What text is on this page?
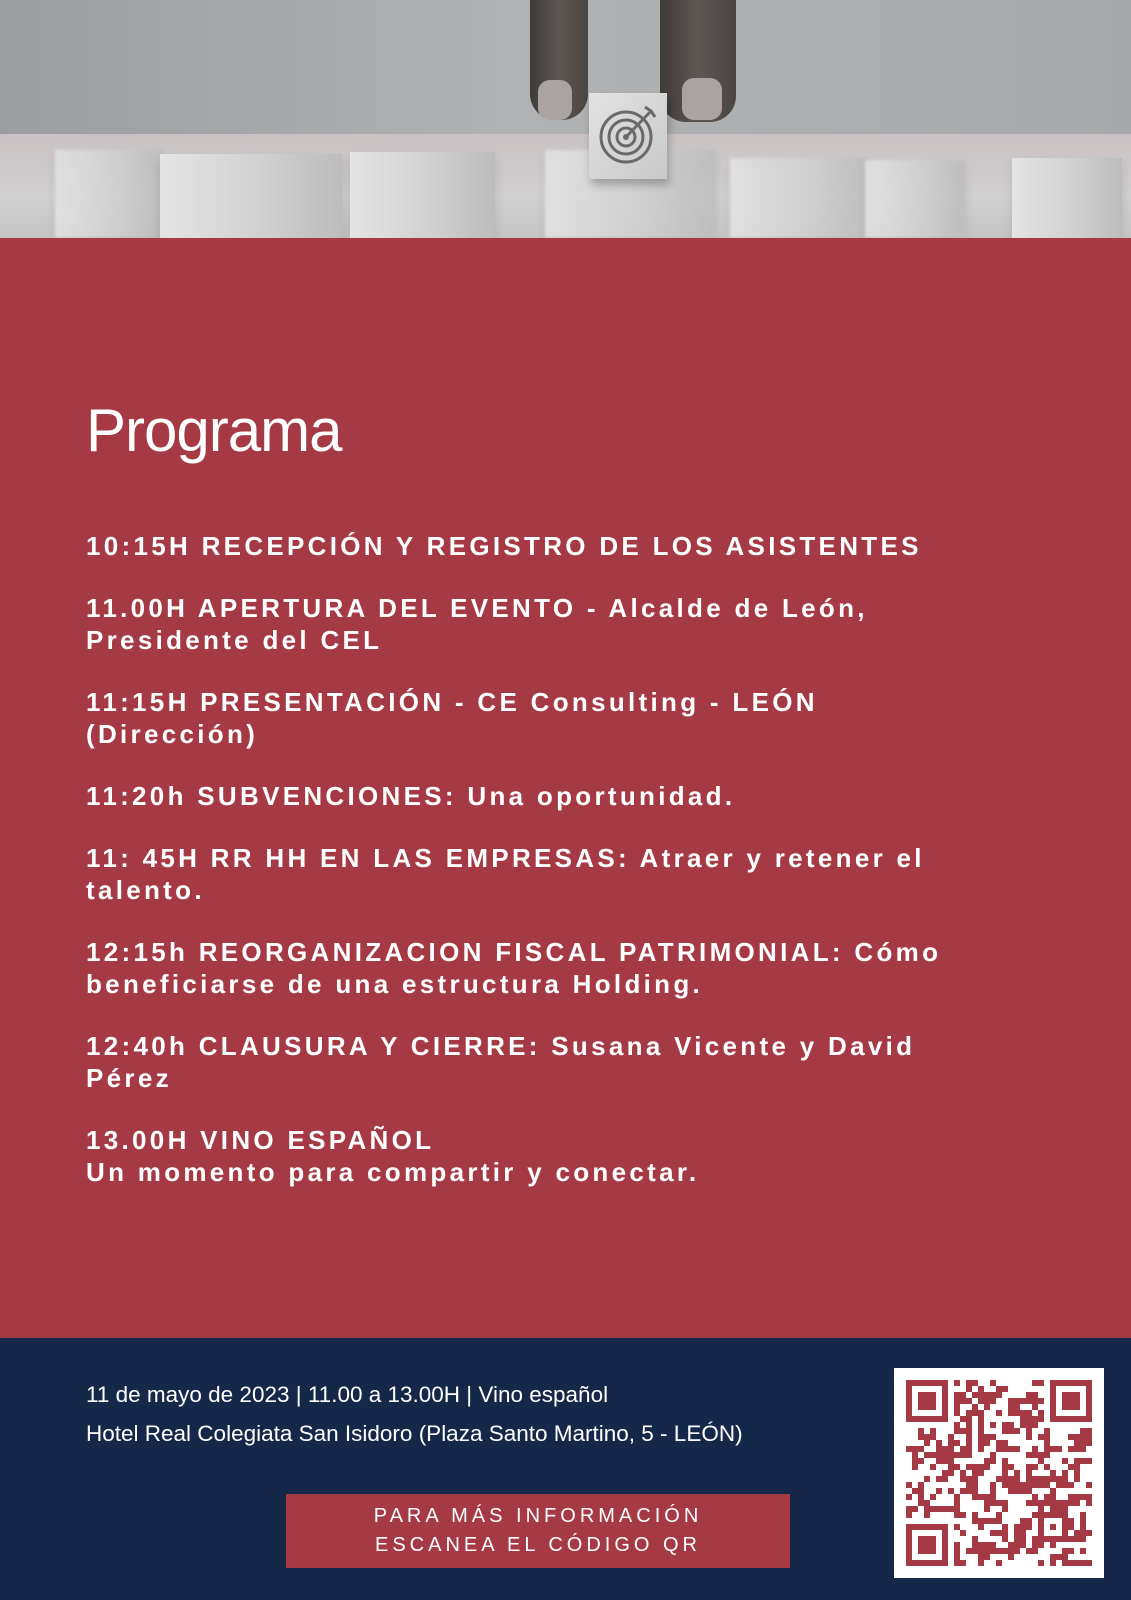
Programa
10:15H RECEPCIÓN Y REGISTRO DE LOS ASISTENTES
11.00H APERTURA DEL EVENTO - Alcalde de León,
Presidente del CEL
11:15H PRESENTACIÓN - CE Consulting - LEÓN
(Dirección)
11:20h SUBVENCIONES: Una oportunidad.
11: 45H RR HH EN LAS EMPRESAS: Atraer y retener el
talento.
12:15h REORGANIZACION FISCAL PATRIMONIAL: Cómo
beneficiarse de una estructura Holding.
12:40h CLAUSURA Y CIERRE: Susana Vicente y David
Pérez
13.00H VINO ESPAÑOL
Un momento para compartir y conectar.

11 de mayo de 2023 | 11.00 a 13.00H | Vino español

Hotel Real Colegiata San Isidoro (Plaza Santo Martino, 5 - LEÓN)

PARA MÁS INFORMACIÓN
ESCANEA EL CÓDIGO QR
